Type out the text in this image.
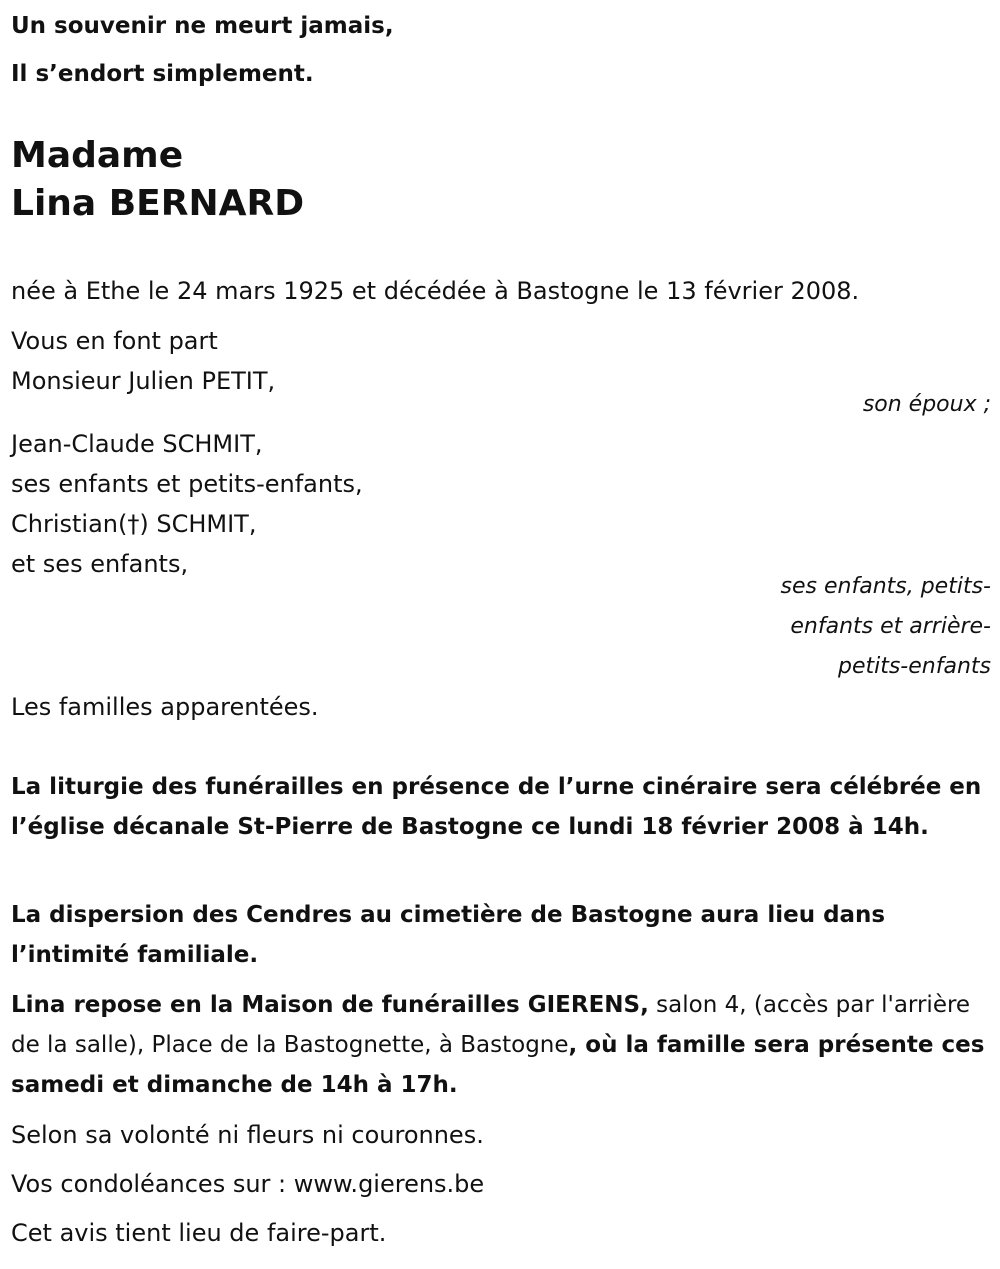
Un souvenir ne meurt jamais,
Il s’endort simplement.
Madame
Lina BERNARD
née à Ethe le 24 mars 1925 et décédée à Bastogne le 13 février 2008.
Vous en font part
Monsieur Julien PETIT,
son époux ;
Jean-Claude SCHMIT,
ses enfants et petits-enfants,
Christian(†) SCHMIT,
et ses enfants,
ses enfants, petits-
enfants et arrière-
petits-enfants
Les familles apparentées.
La liturgie des funérailles en présence de l’urne cinéraire sera célébrée en l’église décanale St-Pierre de Bastogne ce lundi 18 février 2008 à 14h.
La dispersion des Cendres au cimetière de Bastogne aura lieu dans l’intimité familiale.
Lina repose en la Maison de funérailles GIERENS, salon 4, (accès par l'arrière de la salle), Place de la Bastognette, à Bastogne, où la famille sera présente ces samedi et dimanche de 14h à 17h.
Selon sa volonté ni fleurs ni couronnes.
Vos condoléances sur : www.gierens.be
Cet avis tient lieu de faire-part.
